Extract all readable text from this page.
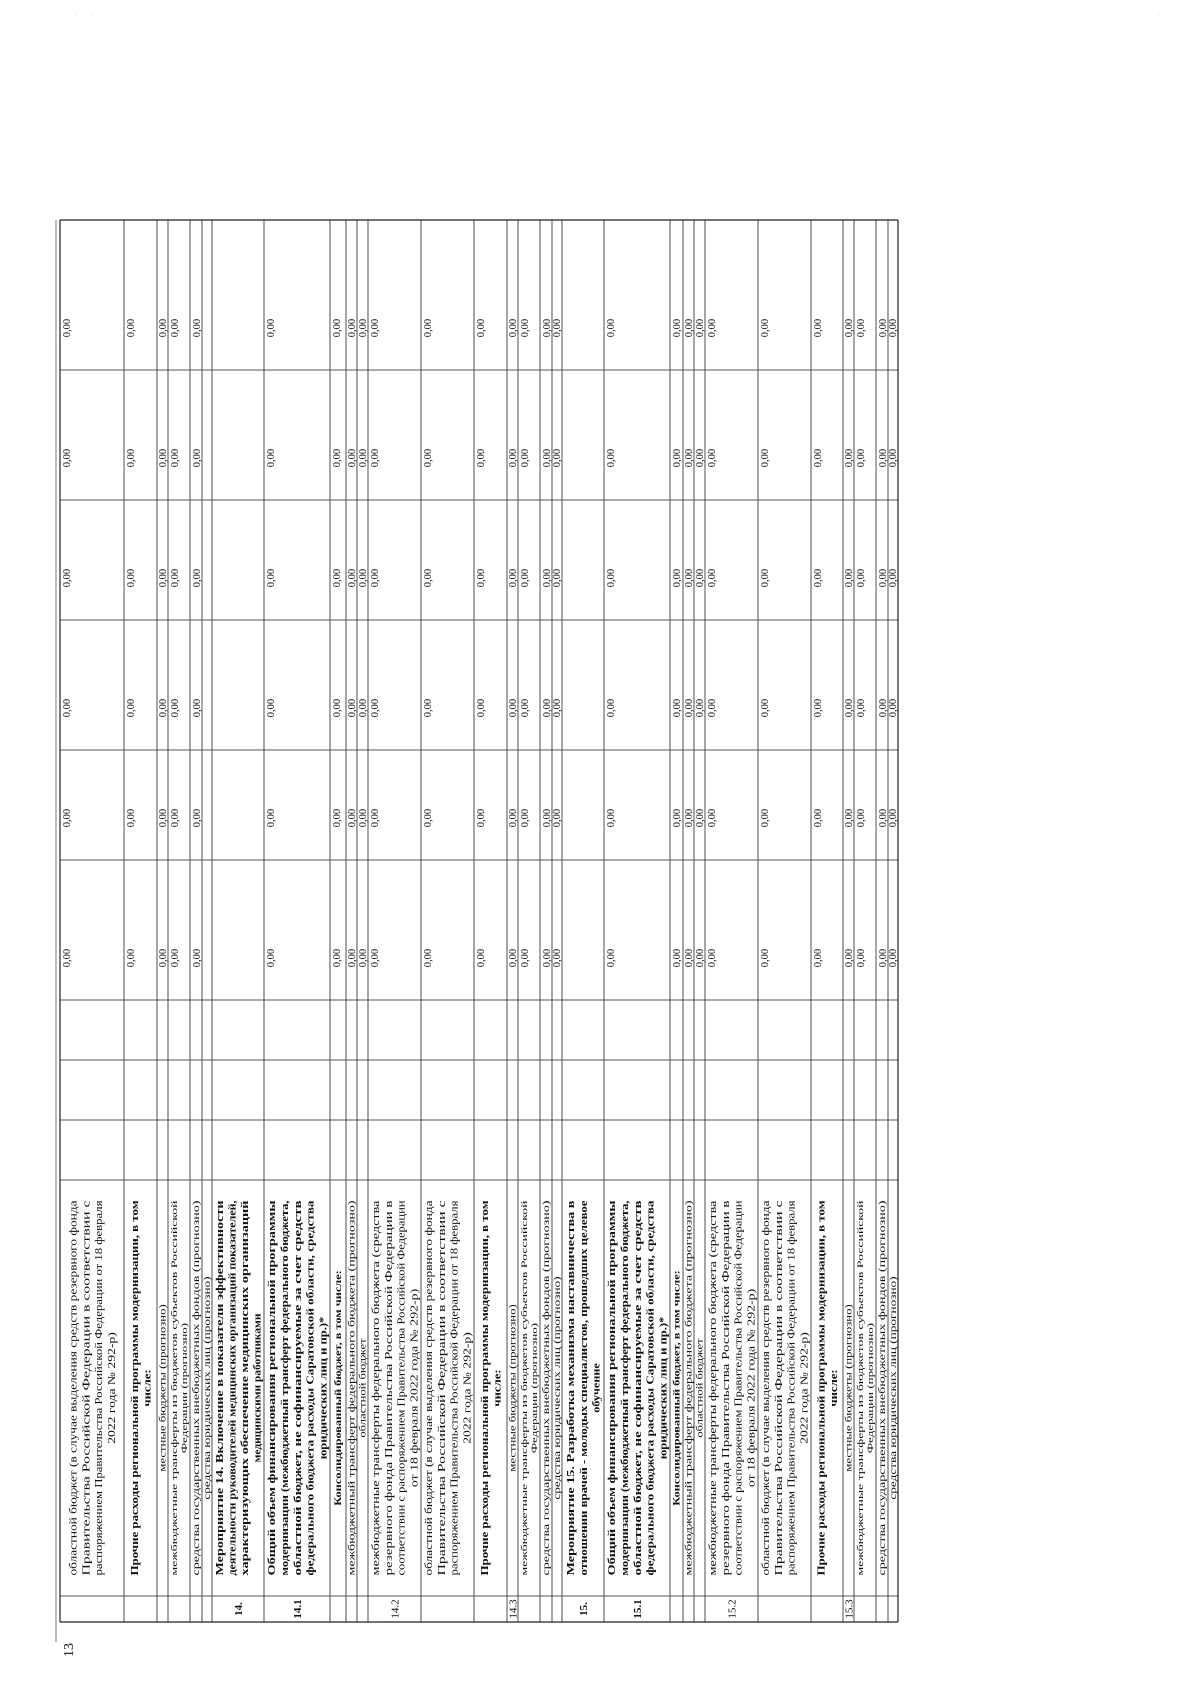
· · ·	·
областной бюджет (в случае выделения средств резервного фонда Правительства Российской Федерации в соответствии с распоряжением Правительства Российской Федерации от 18 февраля 2022 года № 292-р)
0,00
0,00
0,00
0,00
0,00
0,00
Прочие расходы региональной программы модернизации, в том числе:
0,00
0,00
0,00
0,00
0,00
0,00
местные бюджеты (прогнозно)
0,00
0,00
0,00
0,00
0,00
0,00
межбюджетные трансферты из бюджетов субъектов РоссийскойФедерации (прогнозно)
0,00
0,00
0,00
0,00
0,00
0,00
средства государственных внебюджетных фондов (прогнозно)
0,00
0,00
0,00
0,00
0,00
0,00
средства юридических лиц (прогнозно) Мероприятие 14. Включение в показатели эффективности деятельности руководителей медицинских организаций показателей, характеризующих обеспечение медицинских организаций медицинскими работниками
14.
Общий объем финансирования региональной программы модернизации (межбюджетный трансферт федерального бюджета, областной бюджет, не софинансируемые за счет средств федерального бюджета расходы Саратовской области, средства юридических лиц и пр.)*
14.1
0,00
0,00
0,00
0,00
0,00
0,00
Консолидированный бюджет, в том числе:
0,00
0,00
0,00
0,00
0,00
0,00
межбюджетный трансферт федерального бюджета (прогнозно)
0,00
0,00
0,00
0,00
0,00
0,00
областной бюджет
0,00
0,00
0,00
0,00
0,00
0,00
межбюджетные трансферты федерального бюджета (средства резервного фонда Правительства Российской Федерации в соответствии с распоряжением Правительства Российской Федерации от 18 февраля 2022 года № 292-р)
14.2
0,00
0,00
0,00
0,00
0,00
0,00
областной бюджет (в случае выделения средств резервного фонда Правительства Российской Федерации в соответствии с распоряжением Правительства Российской Федерации от 18 февраля 2022 года № 292-р)
0,00
0,00
0,00
0,00
0,00
0,00
Прочие расходы региональной программы модернизации, в том числе:
0,00
0,00
0,00
0,00
0,00
0,00
местные бюджеты (прогнозно)
14.3
0,00
0,00
0,00
0,00
0,00
0,00
межбюджетные трансферты из бюджетов субъектов РоссийскойФедерации (прогнозно)
0,00
0,00
0,00
0,00
0,00
0,00
средства государственных внебюджетных фондов (прогнозно)
0,00
0,00
0,00
0,00
0,00
0,00
средства юридических лиц (прогнозно)
0,00
0,00
0,00
0,00
0,00
0,00
Мероприятие 15. Разработка механизма наставничества в отношении врачей - молодых специалистов, прошедших целевое обучение
15.
Общий объем финансирования региональной программы модернизации (межбюджетный трансферт федерального бюджета, областной бюджет, не софинансируемые за счет средств федерального бюджета расходы Саратовской области, средства юридических лиц и пр.)*
15.1
0,00
0,00
0,00
0,00
0,00
0,00
Консолидированный бюджет, в том числе:
0,00
0,00
0,00
0,00
0,00
0,00
межбюджетный трансферт федерального бюджета (прогнозно)
0,00
0,00
0,00
0,00
0,00
0,00
областной бюджет
0,00
0,00
0,00
0,00
0,00
0,00
межбюджетные трансферты федерального бюджета (средства резервного фонда Правительства Российской Федерации в соответствии с распоряжением Правительства Российской Федерации от 18 февраля 2022 года № 292-р)
15.2
0,00
0,00
0,00
0,00
0,00
0,00
областной бюджет (в случае выделения средств резервного фонда Правительства Российской Федерации в соответствии с распоряжением Правительства Российской Федерации от 18 февраля 2022 года № 292-р)
0,00
0,00
0,00
0,00
0,00
0,00
Прочие расходы региональной программы модернизации, в том числе:
0,00
0,00
0,00
0,00
0,00
0,00
местные бюджеты (прогнозно)
15.3
0,00
0,00
0,00
0,00
0,00
0,00
межбюджетные трансферты из бюджетов субъектов РоссийскойФедерации (прогнозно)
0,00
0,00
0,00
0,00
0,00
0,00
средства государственных внебюджетных фондов (прогнозно)
0,00
0,00
0,00
0,00
0,00
0,00
средства юридических лиц (прогнозно)
0,00
0,00
0,00
0,00
0,00
0,00
13
